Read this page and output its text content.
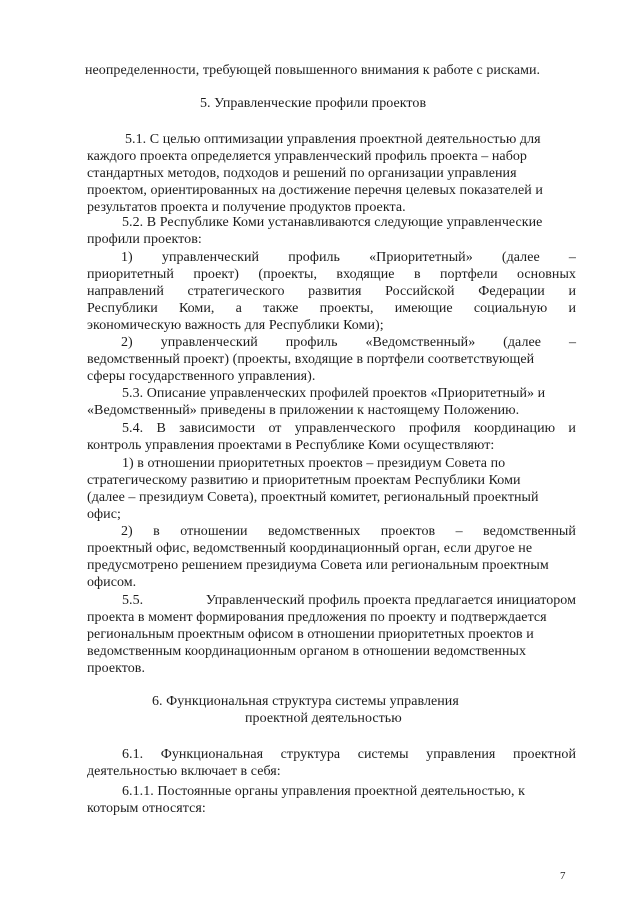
неопределенности, требующей повышенного внимания к работе с рисками.
5. Управленческие профили проектов
5.1. С целью оптимизации управления проектной деятельностью для
каждого проекта определяется управленческий профиль проекта – набор
стандартных методов, подходов и решений по организации управления
проектом, ориентированных на достижение перечня целевых показателей и
результатов проекта и получение продуктов проекта.
5.2. В Республике Коми устанавливаются следующие управленческие
профили проектов:
1) управленческий профиль «Приоритетный» (далее –
приоритетный проект) (проекты, входящие в портфели основных
направлений стратегического развития Российской Федерации и
Республики Коми, а также проекты, имеющие социальную и
экономическую важность для Республики Коми);
2) управленческий профиль «Ведомственный» (далее –
ведомственный проект) (проекты, входящие в портфели соответствующей
сферы государственного управления).
5.3. Описание управленческих профилей проектов «Приоритетный» и
«Ведомственный» приведены в приложении к настоящему Положению.
5.4. В зависимости от управленческого профиля координацию и
контроль управления проектами в Республике Коми осуществляют:
1) в отношении приоритетных проектов – президиум Совета по
стратегическому развитию и приоритетным проектам Республики Коми
(далее – президиум Совета), проектный комитет, региональный проектный
офис;
2) в отношении ведомственных проектов – ведомственный
проектный офис, ведомственный координационный орган, если другое не
предусмотрено решением президиума Совета или региональным проектным
офисом.
5.5.	Управленческий профиль проекта предлагается инициатором
проекта в момент формирования предложения по проекту и подтверждается
региональным проектным офисом в отношении приоритетных проектов и
ведомственным координационным органом в отношении ведомственных
проектов.
6. Функциональная структура системы управления
проектной деятельностью
6.1. Функциональная структура системы управления проектной
деятельностью включает в себя:
6.1.1. Постоянные органы управления проектной деятельностью, к
которым относятся:
7
